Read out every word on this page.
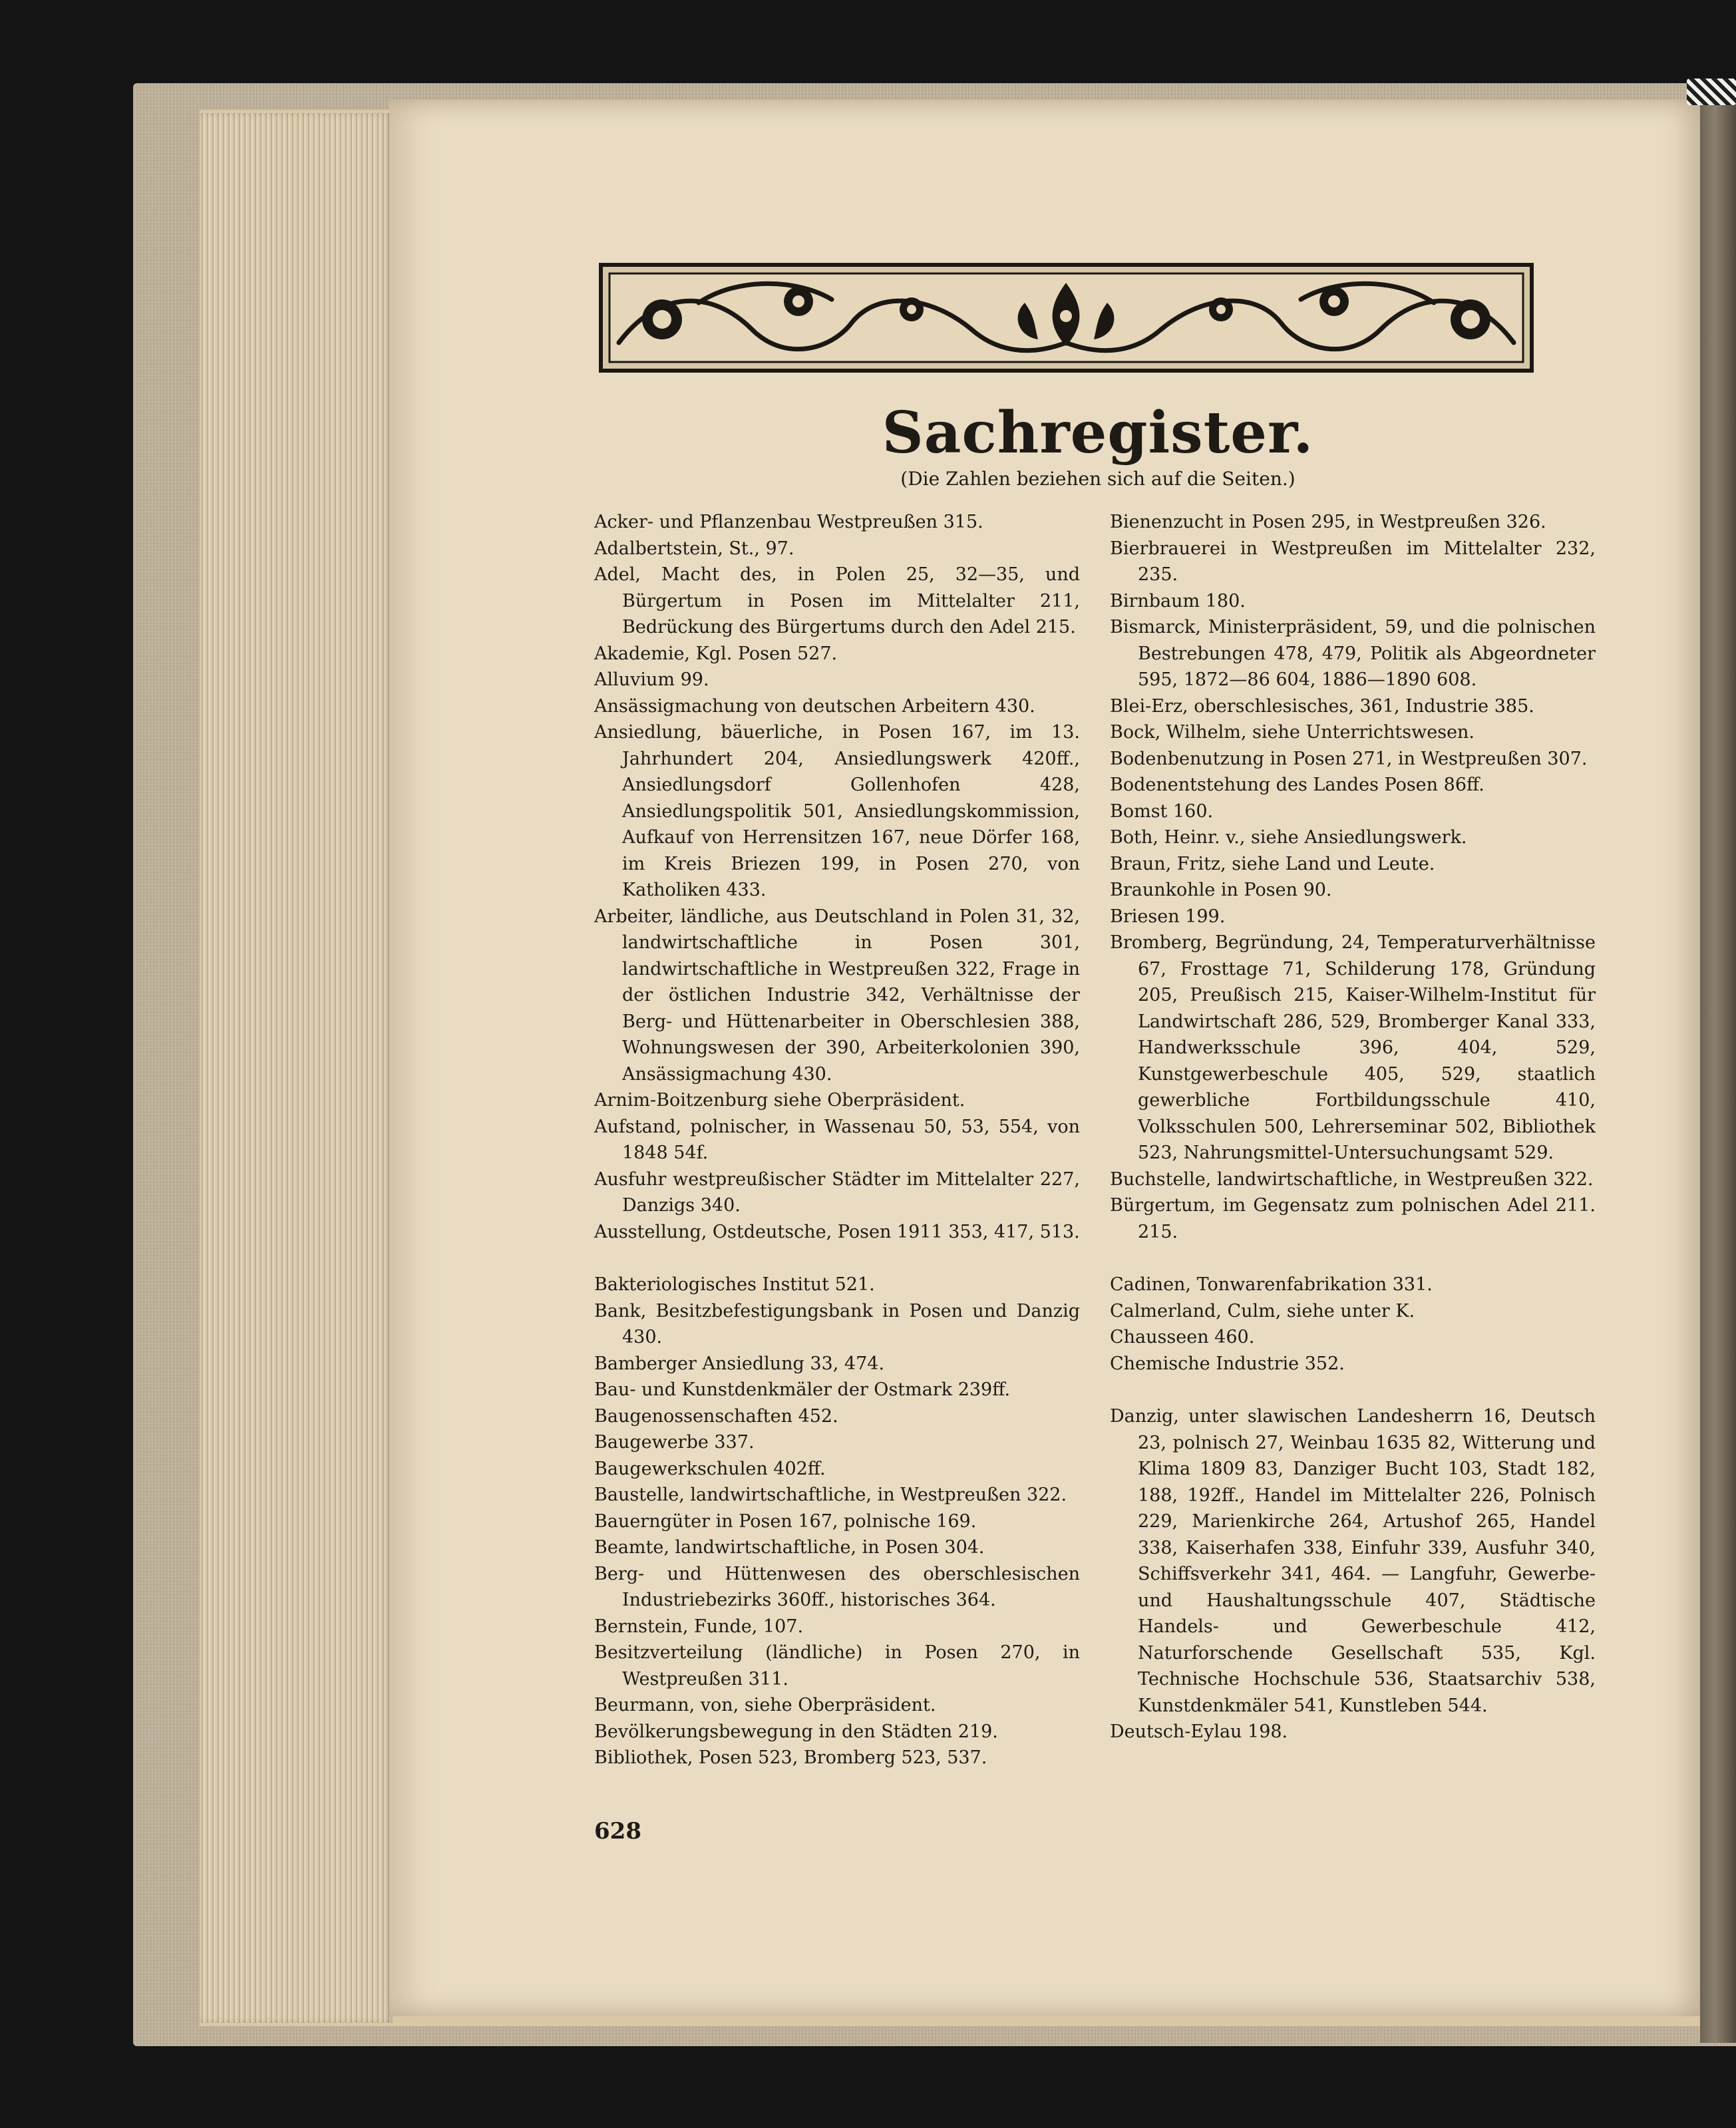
Sachregister.
(Die Zahlen beziehen sich auf die Seiten.)
Acker- und Pflanzenbau Westpreußen 315.
Adalbertstein, St., 97.
Adel, Macht des, in Polen 25, 32—35, und Bürgertum in Posen im Mittelalter 211, Bedrückung des Bürgertums durch den Adel 215.
Akademie, Kgl. Posen 527.
Alluvium 99.
Ansässigmachung von deutschen Arbeitern 430.
Ansiedlung, bäuerliche, in Posen 167, im 13. Jahrhundert 204, Ansiedlungswerk 420ff., Ansiedlungsdorf Gollenhofen 428, Ansiedlungspolitik 501, Ansiedlungskommission, Aufkauf von Herrensitzen 167, neue Dörfer 168, im Kreis Briezen 199, in Posen 270, von Katholiken 433.
Arbeiter, ländliche, aus Deutschland in Polen 31, 32, landwirtschaftliche in Posen 301, landwirtschaftliche in Westpreußen 322, Frage in der östlichen Industrie 342, Verhältnisse der Berg- und Hüttenarbeiter in Oberschlesien 388, Wohnungswesen der 390, Arbeiterkolonien 390, Ansässigmachung 430.
Arnim-Boitzenburg siehe Oberpräsident.
Aufstand, polnischer, in Wassenau 50, 53, 554, von 1848 54f.
Ausfuhr westpreußischer Städter im Mittelalter 227, Danzigs 340.
Ausstellung, Ostdeutsche, Posen 1911 353, 417, 513.
Bakteriologisches Institut 521.
Bank, Besitzbefestigungsbank in Posen und Danzig 430.
Bamberger Ansiedlung 33, 474.
Bau- und Kunstdenkmäler der Ostmark 239ff.
Baugenossenschaften 452.
Baugewerbe 337.
Baugewerkschulen 402ff.
Baustelle, landwirtschaftliche, in Westpreußen 322.
Bauerngüter in Posen 167, polnische 169.
Beamte, landwirtschaftliche, in Posen 304.
Berg- und Hüttenwesen des oberschlesischen Industriebezirks 360ff., historisches 364.
Bernstein, Funde, 107.
Besitzverteilung (ländliche) in Posen 270, in Westpreußen 311.
Beurmann, von, siehe Oberpräsident.
Bevölkerungsbewegung in den Städten 219.
Bibliothek, Posen 523, Bromberg 523, 537.
Bienenzucht in Posen 295, in Westpreußen 326.
Bierbrauerei in Westpreußen im Mittelalter 232, 235.
Birnbaum 180.
Bismarck, Ministerpräsident, 59, und die polnischen Bestrebungen 478, 479, Politik als Abgeordneter 595, 1872—86 604, 1886—1890 608.
Blei-Erz, oberschlesisches, 361, Industrie 385.
Bock, Wilhelm, siehe Unterrichtswesen.
Bodenbenutzung in Posen 271, in Westpreußen 307.
Bodenentstehung des Landes Posen 86ff.
Bomst 160.
Both, Heinr. v., siehe Ansiedlungswerk.
Braun, Fritz, siehe Land und Leute.
Braunkohle in Posen 90.
Briesen 199.
Bromberg, Begründung, 24, Temperaturverhältnisse 67, Frosttage 71, Schilderung 178, Gründung 205, Preußisch 215, Kaiser-Wilhelm-Institut für Landwirtschaft 286, 529, Bromberger Kanal 333, Handwerksschule 396, 404, 529, Kunstgewerbeschule 405, 529, staatlich gewerbliche Fortbildungsschule 410, Volksschulen 500, Lehrerseminar 502, Bibliothek 523, Nahrungsmittel-Untersuchungsamt 529.
Buchstelle, landwirtschaftliche, in Westpreußen 322.
Bürgertum, im Gegensatz zum polnischen Adel 211. 215.
Cadinen, Tonwarenfabrikation 331.
Calmerland, Culm, siehe unter K.
Chausseen 460.
Chemische Industrie 352.
Danzig, unter slawischen Landesherrn 16, Deutsch 23, polnisch 27, Weinbau 1635 82, Witterung und Klima 1809 83, Danziger Bucht 103, Stadt 182, 188, 192ff., Handel im Mittelalter 226, Polnisch 229, Marienkirche 264, Artushof 265, Handel 338, Kaiserhafen 338, Einfuhr 339, Ausfuhr 340, Schiffsverkehr 341, 464. — Langfuhr, Gewerbe- und Haushaltungsschule 407, Städtische Handels- und Gewerbeschule 412, Naturforschende Gesellschaft 535, Kgl. Technische Hochschule 536, Staatsarchiv 538, Kunstdenkmäler 541, Kunstleben 544.
Deutsch-Eylau 198.
628
